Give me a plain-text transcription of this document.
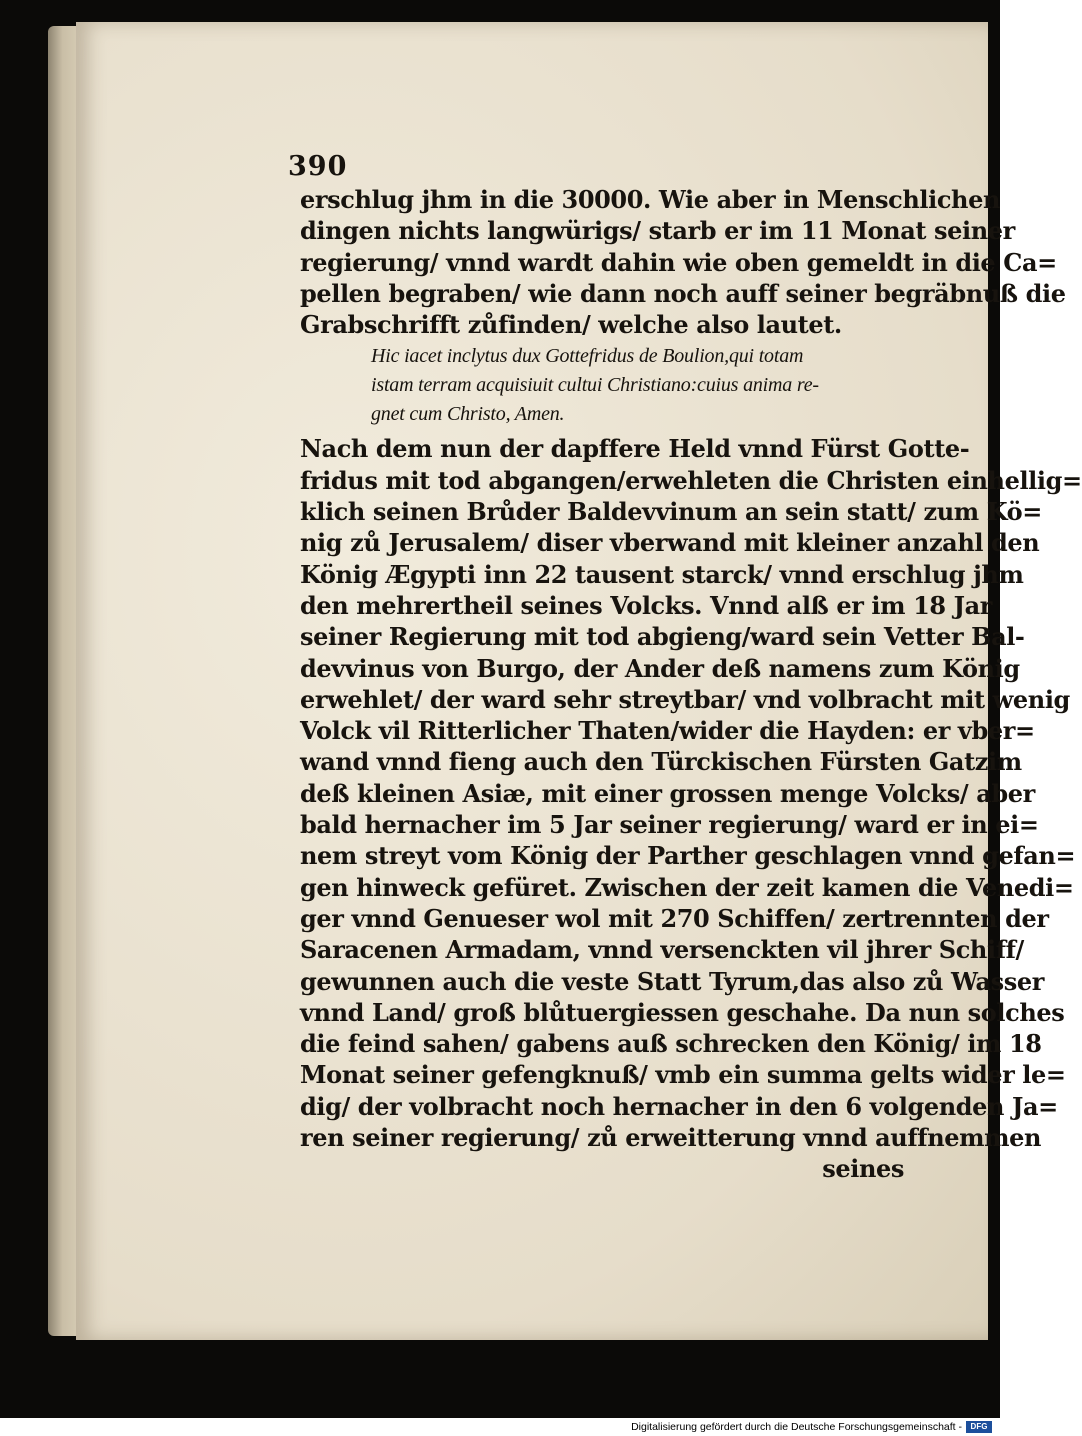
390
erschlug jhm in die 30000. Wie aber in Menschlichen
dingen nichts langwürigs/ starb er im 11 Monat seiner
regierung/ vnnd wardt dahin wie oben gemeldt in die Ca=
pellen begraben/ wie dann noch auff seiner begräbnuß die
Grabschrifft zůfinden/ welche also lautet.
Hic iacet inclytus dux Gottefridus de Boulion,qui totam
istam terram acquisiuit cultui Christiano:cuius anima re-
gnet cum Christo, Amen.
Nach dem nun der dapffere Held vnnd Fürst Gotte-
fridus mit tod abgangen/erwehleten die Christen einhellig=
klich seinen Brůder Baldevvinum an sein statt/ zum Kö=
nig zů Jerusalem/ diser vberwand mit kleiner anzahl den
König Ægypti inn 22 tausent starck/ vnnd erschlug jhm
den mehrertheil seines Volcks. Vnnd alß er im 18 Jar
seiner Regierung mit tod abgieng/ward sein Vetter Bal-
devvinus von Burgo, der Ander deß namens zum König
erwehlet/ der ward sehr streytbar/ vnd volbracht mit wenig
Volck vil Ritterlicher Thaten/wider die Hayden: er vber=
wand vnnd fieng auch den Türckischen Fürsten Gatzim
deß kleinen Asiæ, mit einer grossen menge Volcks/ aber
bald hernacher im 5 Jar seiner regierung/ ward er in ei=
nem streyt vom König der Parther geschlagen vnnd gefan=
gen hinweck gefüret. Zwischen der zeit kamen die Venedi=
ger vnnd Genueser wol mit 270 Schiffen/ zertrennten der
Saracenen Armadam, vnnd versenckten vil jhrer Schiff/
gewunnen auch die veste Statt Tyrum,das also zů Wasser
vnnd Land/ groß blůtuergiessen geschahe. Da nun solches
die feind sahen/ gabens auß schrecken den König/ im 18
Monat seiner gefengknuß/ vmb ein summa gelts wider le=
dig/ der volbracht noch hernacher in den 6 volgenden Ja=
ren seiner regierung/ zů erweitterung vnnd auffnemmen
seines
Digitalisierung gefördert durch die Deutsche Forschungsgemeinschaft -	DFG
